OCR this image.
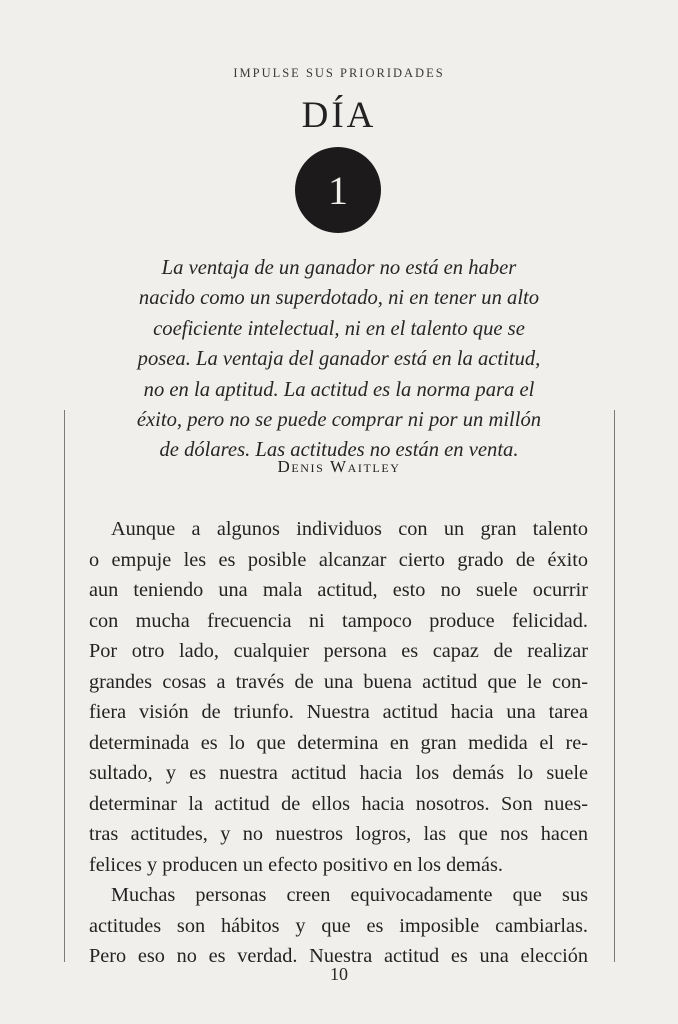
IMPULSE SUS PRIORIDADES
DÍA
1
La ventaja de un ganador no está en haber
nacido como un superdotado, ni en tener un alto
coeficiente intelectual, ni en el talento que se
posea. La ventaja del ganador está en la actitud,
no en la aptitud. La actitud es la norma para el
éxito, pero no se puede comprar ni por un millón
de dólares. Las actitudes no están en venta.
Denis Waitley
Aunque a algunos individuos con un gran talento
o empuje les es posible alcanzar cierto grado de éxito
aun teniendo una mala actitud, esto no suele ocurrir
con mucha frecuencia ni tampoco produce felicidad.
Por otro lado, cualquier persona es capaz de realizar
grandes cosas a través de una buena actitud que le con-
fiera visión de triunfo. Nuestra actitud hacia una tarea
determinada es lo que determina en gran medida el re-
sultado, y es nuestra actitud hacia los demás lo suele
determinar la actitud de ellos hacia nosotros. Son nues-
tras actitudes, y no nuestros logros, las que nos hacen
felices y producen un efecto positivo en los demás.
Muchas personas creen equivocadamente que sus
actitudes son hábitos y que es imposible cambiarlas.
Pero eso no es verdad. Nuestra actitud es una elección
10
